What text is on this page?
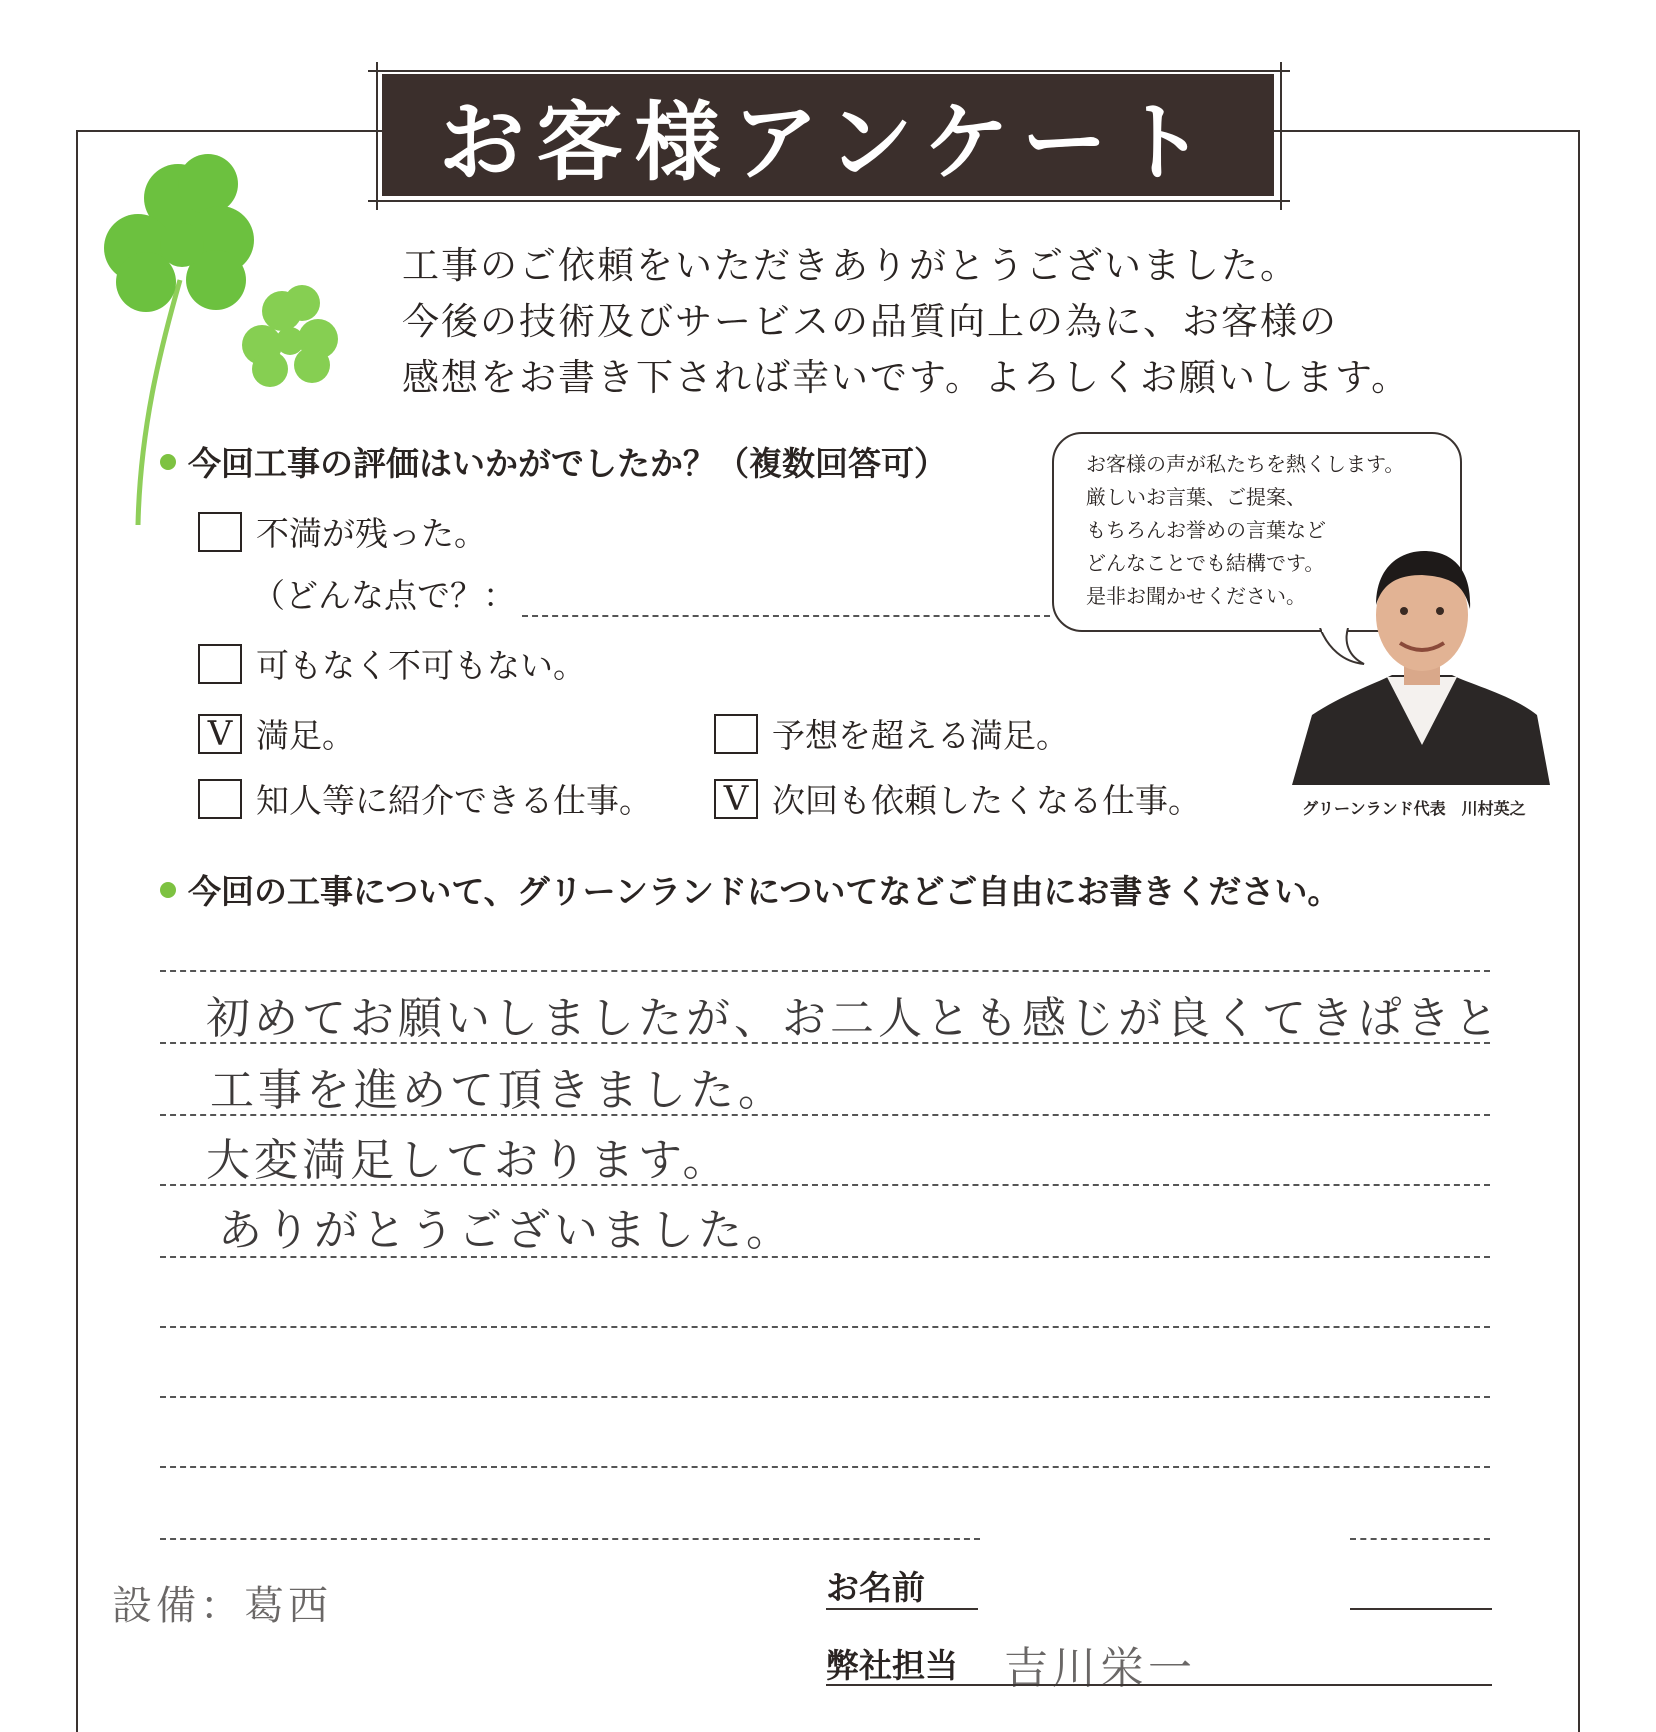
お客様アンケート
工事のご依頼をいただきありがとうございました。
今後の技術及びサービスの品質向上の為に、お客様の
感想をお書き下されば幸いです。よろしくお願いします。
今回工事の評価はいかがでしたか？（複数回答可）
不満が残った。
（どんな点で？：
可もなく不可もない。
V 満足。	予想を超える満足。
知人等に紹介できる仕事。 V 次回も依頼したくなる仕事。
お客様の声が私たちを熱くします。
厳しいお言葉、ご提案、
もちろんお誉めの言葉など
どんなことでも結構です。
是非お聞かせください。
グリーンランド代表　川村英之
今回の工事について、グリーンランドについてなどご自由にお書きください。
初めてお願いしましたが、お二人とも感じが良くてきぱきと
工事を進めて頂きました。
大変満足しております。
ありがとうございました。
設備：葛西	お名前
弊社担当 吉川栄一
